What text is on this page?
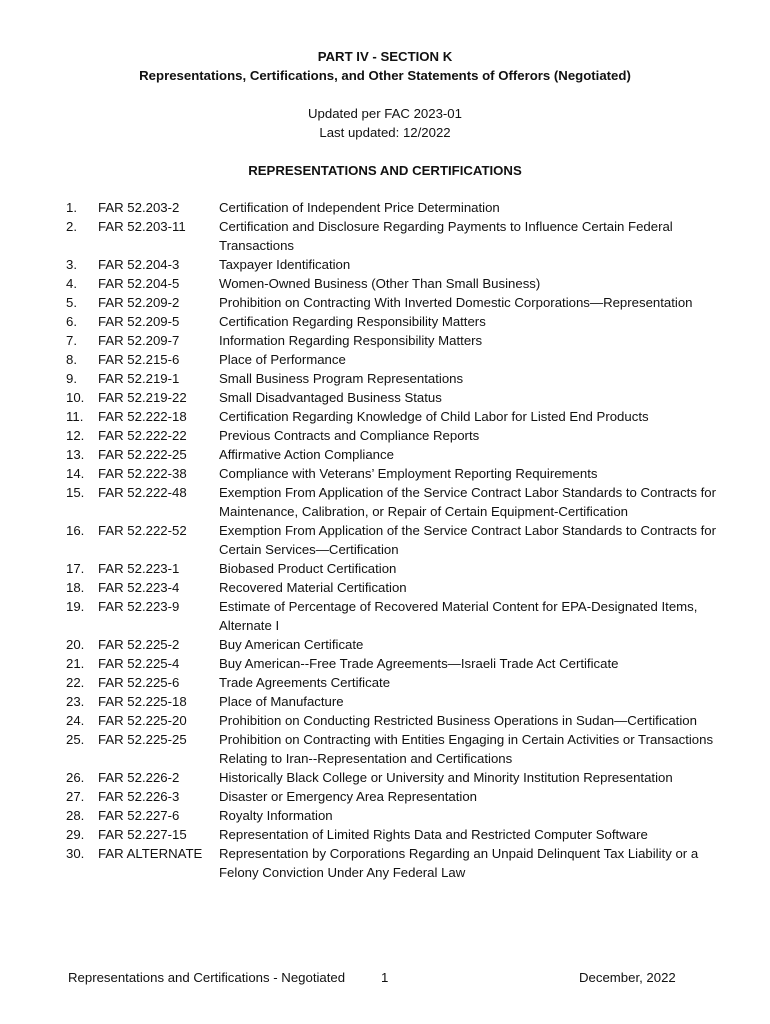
PART IV - SECTION K
Representations, Certifications, and Other Statements of Offerors (Negotiated)
Updated per FAC 2023-01
Last updated: 12/2022
REPRESENTATIONS AND CERTIFICATIONS
1.	FAR 52.203-2	Certification of Independent Price Determination
2.	FAR 52.203-11	Certification and Disclosure Regarding Payments to Influence Certain Federal Transactions
3.	FAR 52.204-3	Taxpayer Identification
4.	FAR 52.204-5	Women-Owned Business (Other Than Small Business)
5.	FAR 52.209-2	Prohibition on Contracting With Inverted Domestic Corporations—Representation
6.	FAR 52.209-5	Certification Regarding Responsibility Matters
7.	FAR 52.209-7	Information Regarding Responsibility Matters
8.	FAR 52.215-6	Place of Performance
9.	FAR 52.219-1	Small Business Program Representations
10.	FAR 52.219-22	Small Disadvantaged Business Status
11.	FAR 52.222-18	Certification Regarding Knowledge of Child Labor for Listed End Products
12.	FAR 52.222-22	Previous Contracts and Compliance Reports
13.	FAR 52.222-25	Affirmative Action Compliance
14.	FAR 52.222-38	Compliance with Veterans’ Employment Reporting Requirements
15.	FAR 52.222-48	Exemption From Application of the Service Contract Labor Standards to Contracts for Maintenance, Calibration, or Repair of Certain Equipment-Certification
16.	FAR 52.222-52	Exemption From Application of the Service Contract Labor Standards to Contracts for Certain Services—Certification
17.	FAR 52.223-1	Biobased Product Certification
18.	FAR 52.223-4	Recovered Material Certification
19.	FAR 52.223-9	Estimate of Percentage of Recovered Material Content for EPA-Designated Items, Alternate I
20.	FAR 52.225-2	Buy American Certificate
21.	FAR 52.225-4	Buy American--Free Trade Agreements—Israeli Trade Act Certificate
22.	FAR 52.225-6	Trade Agreements Certificate
23.	FAR 52.225-18	Place of Manufacture
24.	FAR 52.225-20	Prohibition on Conducting Restricted Business Operations in Sudan—Certification
25.	FAR 52.225-25	Prohibition on Contracting with Entities Engaging in Certain Activities or Transactions Relating to Iran--Representation and Certifications
26.	FAR 52.226-2	Historically Black College or University and Minority Institution Representation
27.	FAR 52.226-3	Disaster or Emergency Area Representation
28.	FAR 52.227-6	Royalty Information
29.	FAR 52.227-15	Representation of Limited Rights Data and Restricted Computer Software
30.	FAR ALTERNATE	Representation by Corporations Regarding an Unpaid Delinquent Tax Liability or a Felony Conviction Under Any Federal Law
Representations and Certifications - Negotiated	1	December, 2022
